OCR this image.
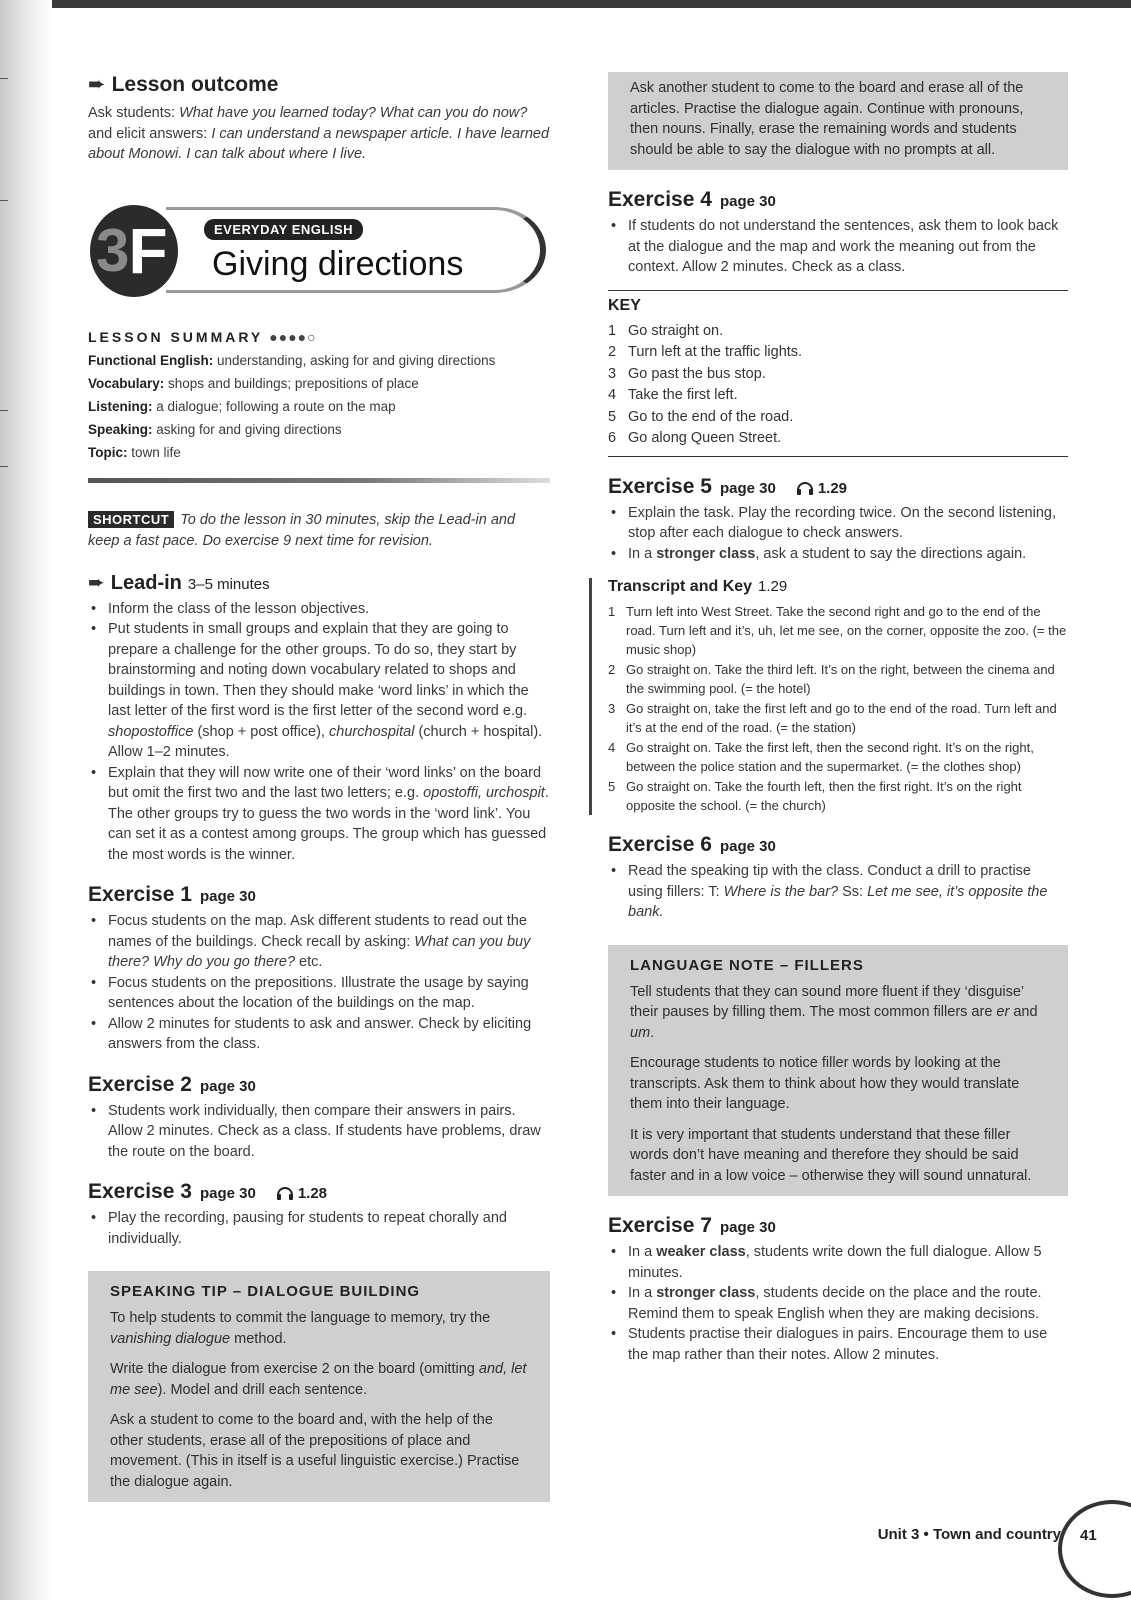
➨ Lesson outcome

Ask students: What have you learned today? What can you do now? and elicit answers: I can understand a newspaper article. I have learned about Monowi. I can talk about where I live.

3 F	EVERYDAY ENGLISH
Giving directions
LESSON SUMMARY ●●●●○
Functional English: understanding, asking for and giving directions
Vocabulary: shops and buildings; prepositions of place
Listening: a dialogue; following a route on the map
Speaking: asking for and giving directions
Topic: town life
SHORTCUT To do the lesson in 30 minutes, skip the Lead-in and keep a fast pace. Do exercise 9 next time for revision.
➨ Lead-in 3–5 minutes
• Inform the class of the lesson objectives.
• Put students in small groups and explain that they are going to prepare a challenge for the other groups. To do so, they start by brainstorming and noting down vocabulary related to shops and buildings in town. Then they should make ‘word links’ in which the last letter of the first word is the first letter of the second word e.g. shopostoffice (shop + post office), churchospital (church + hospital). Allow 1–2 minutes.
• Explain that they will now write one of their ‘word links’ on the board but omit the first two and the last two letters; e.g. opostoffi, urchospit. The other groups try to guess the two words in the ‘word link’. You can set it as a contest among groups. The group which has guessed the most words is the winner.
Exercise 1 page 30
• Focus students on the map. Ask different students to read out the names of the buildings. Check recall by asking: What can you buy there? Why do you go there? etc.
• Focus students on the prepositions. Illustrate the usage by saying sentences about the location of the buildings on the map.
• Allow 2 minutes for students to ask and answer. Check by eliciting answers from the class.
Exercise 2 page 30
• Students work individually, then compare their answers in pairs. Allow 2 minutes. Check as a class. If students have problems, draw the route on the board.
Exercise 3 page 30	1.28
• Play the recording, pausing for students to repeat chorally and individually.
SPEAKING TIP – DIALOGUE BUILDING

To help students to commit the language to memory, try the vanishing dialogue method.

Write the dialogue from exercise 2 on the board (omitting and, let me see). Model and drill each sentence.

Ask a student to come to the board and, with the help of the other students, erase all of the prepositions of place and movement. (This in itself is a useful linguistic exercise.) Practise the dialogue again.

Ask another student to come to the board and erase all of the articles. Practise the dialogue again. Continue with pronouns, then nouns. Finally, erase the remaining words and students should be able to say the dialogue with no prompts at all.

Exercise 4 page 30
• If students do not understand the sentences, ask them to look back at the dialogue and the map and work the meaning out from the context. Allow 2 minutes. Check as a class.
KEY
1 Go straight on.
2 Turn left at the traffic lights.
3 Go past the bus stop.
4 Take the first left.
5 Go to the end of the road.
6 Go along Queen Street.
Exercise 5 page 30	1.29
• Explain the task. Play the recording twice. On the second listening, stop after each dialogue to check answers.
• In a stronger class, ask a student to say the directions again.
Transcript and Key 1.29
1 Turn left into West Street. Take the second right and go to the end of the road. Turn left and it’s, uh, let me see, on the corner, opposite the zoo. (= the music shop)
2 Go straight on. Take the third left. It’s on the right, between the cinema and the swimming pool. (= the hotel)
3 Go straight on, take the first left and go to the end of the road. Turn left and it’s at the end of the road. (= the station)
4 Go straight on. Take the first left, then the second right. It’s on the right, between the police station and the supermarket. (= the clothes shop)
5 Go straight on. Take the fourth left, then the first right. It’s on the right opposite the school. (= the church)
Exercise 6 page 30
• Read the speaking tip with the class. Conduct a drill to practise using fillers: T: Where is the bar? Ss: Let me see, it’s opposite the bank.
LANGUAGE NOTE – FILLERS

Tell students that they can sound more fluent if they ‘disguise’ their pauses by filling them. The most common fillers are er and um.

Encourage students to notice filler words by looking at the transcripts. Ask them to think about how they would translate them into their language.

It is very important that students understand that these filler words don’t have meaning and therefore they should be said faster and in a low voice – otherwise they will sound unnatural.

Exercise 7 page 30
• In a weaker class, students write down the full dialogue. Allow 5 minutes.
• In a stronger class, students decide on the place and the route. Remind them to speak English when they are making decisions.
• Students practise their dialogues in pairs. Encourage them to use the map rather than their notes. Allow 2 minutes.
Unit 3 • Town and country 41
